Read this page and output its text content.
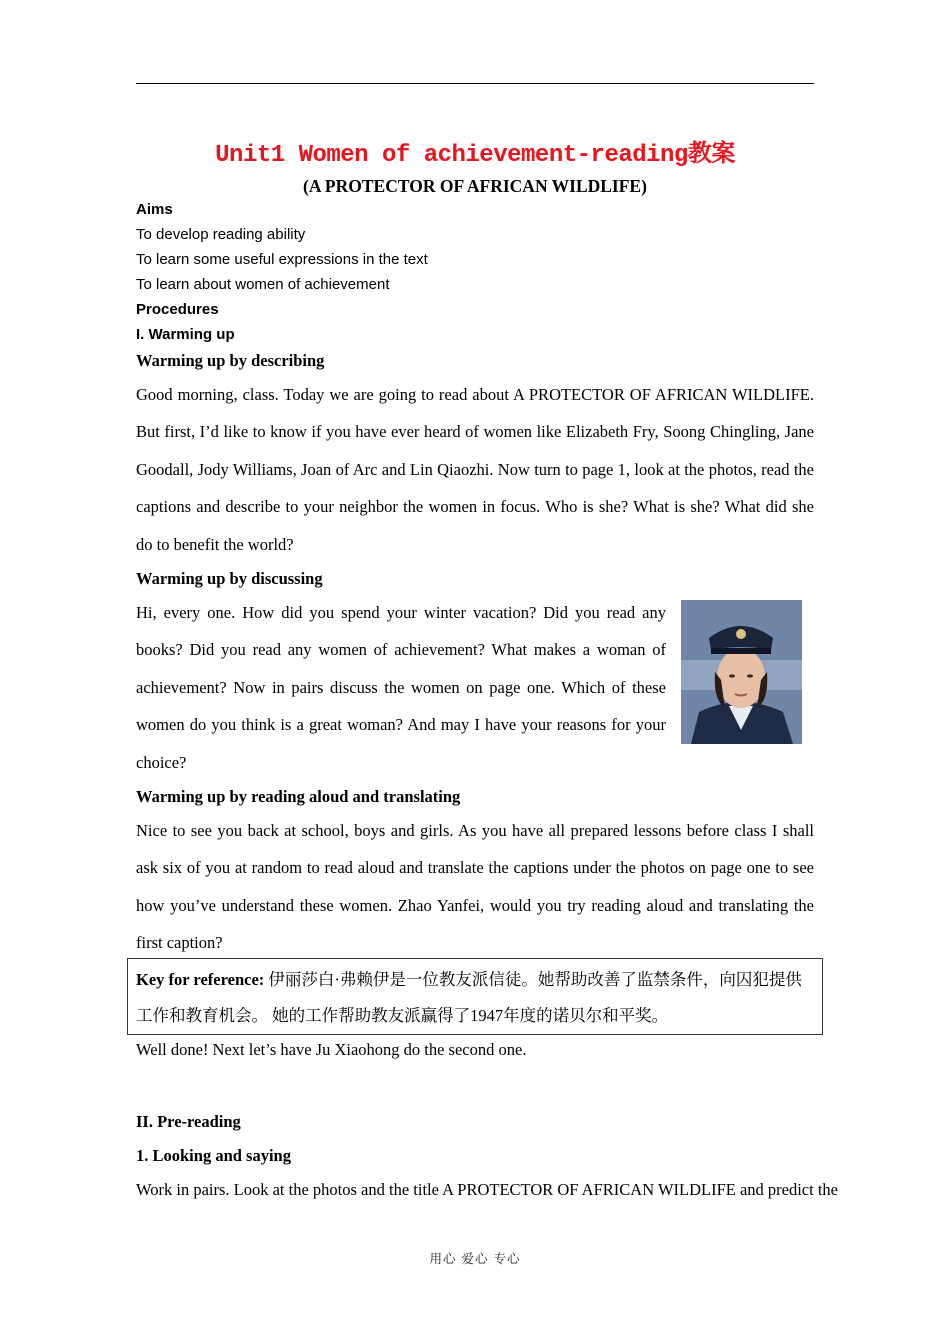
Unit1 Women of achievement-reading教案
(A PROTECTOR OF AFRICAN WILDLIFE)
Aims
To develop reading ability
To learn some useful expressions in the text
To learn about women of achievement
Procedures
I. Warming up
Warming up by describing
Good morning, class. Today we are going to read about A PROTECTOR OF AFRICAN WILDLIFE. But first, I’d like to know if you have ever heard of women like Elizabeth Fry, Soong Chingling, Jane Goodall, Jody Williams, Joan of Arc and Lin Qiaozhi. Now turn to page 1, look at the photos, read the captions and describe to your neighbor the women in focus. Who is she? What is she? What did she do to benefit the world?
Warming up by discussing
Hi, every one. How did you spend your winter vacation? Did you read any books? Did you read any women of achievement? What makes a woman of achievement? Now in pairs discuss the women on page one. Which of these women do you think is a great woman? And may I have your reasons for your choice?
Warming up by reading aloud and translating
Nice to see you back at school, boys and girls. As you have all prepared lessons before class I shall ask six of you at random to read aloud and translate the captions under the photos on page one to see how you’ve understand these women. Zhao Yanfei, would you try reading aloud and translating the first caption?
Key for reference: 伊丽莎白·弗赖伊是一位教友派信徒。她帮助改善了监禁条件，向囚犯提供工作和教育机会。 她的工作帮助教友派赢得了1947年度的诺贝尔和平奖。
Well done! Next let’s have Ju Xiaohong do the second one.
II. Pre-reading
1. Looking and saying
Work in pairs. Look at the photos and the title A PROTECTOR OF AFRICAN WILDLIFE and predict the
用心 爱心 专心
